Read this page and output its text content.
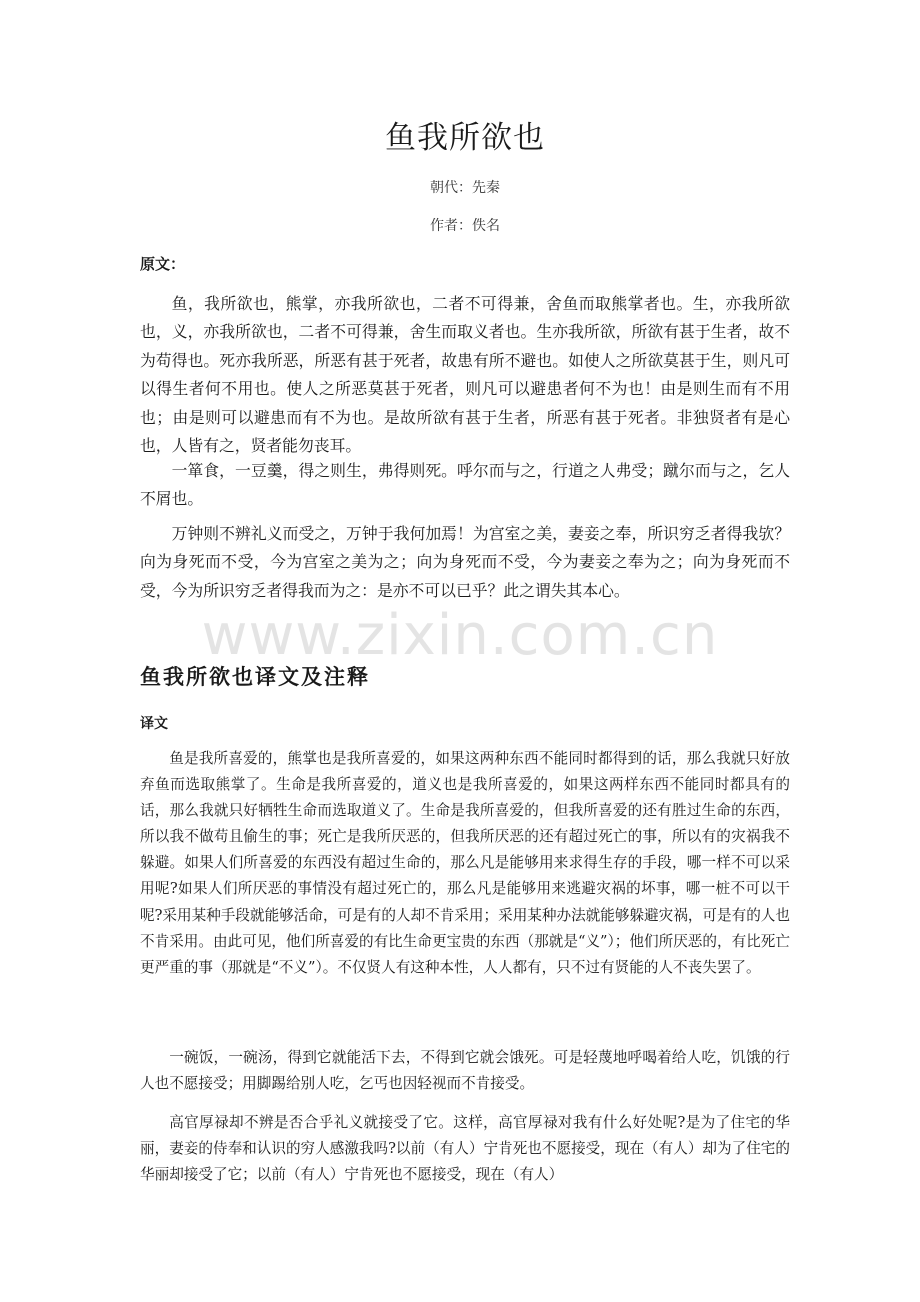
www.zixin.com.cn
鱼我所欲也
朝代：先秦
作者：佚名
原文：

鱼，我所欲也，熊掌，亦我所欲也，二者不可得兼，舍鱼而取熊掌者也。生，亦我所欲也，义，亦我所欲也，二者不可得兼，舍生而取义者也。生亦我所欲，所欲有甚于生者，故不为苟得也。死亦我所恶，所恶有甚于死者，故患有所不避也。如使人之所欲莫甚于生，则凡可以得生者何不用也。使人之所恶莫甚于死者，则凡可以避患者何不为也！由是则生而有不用也；由是则可以避患而有不为也。是故所欲有甚于生者，所恶有甚于死者。非独贤者有是心也，人皆有之，贤者能勿丧耳。

一箪食，一豆羹，得之则生，弗得则死。呼尔而与之，行道之人弗受；蹴尔而与之，乞人不屑也。

万钟则不辨礼义而受之，万钟于我何加焉！为宫室之美，妻妾之奉，所识穷乏者得我欤？向为身死而不受，今为宫室之美为之；向为身死而不受，今为妻妾之奉为之；向为身死而不受，今为所识穷乏者得我而为之：是亦不可以已乎？此之谓失其本心。

鱼我所欲也译文及注释
译文

鱼是我所喜爱的，熊掌也是我所喜爱的，如果这两种东西不能同时都得到的话，那么我就只好放弃鱼而选取熊掌了。生命是我所喜爱的，道义也是我所喜爱的，如果这两样东西不能同时都具有的话，那么我就只好牺牲生命而选取道义了。生命是我所喜爱的，但我所喜爱的还有胜过生命的东西，所以我不做苟且偷生的事；死亡是我所厌恶的，但我所厌恶的还有超过死亡的事，所以有的灾祸我不躲避。如果人们所喜爱的东西没有超过生命的，那么凡是能够用来求得生存的手段，哪一样不可以采用呢?如果人们所厌恶的事情没有超过死亡的，那么凡是能够用来逃避灾祸的坏事，哪一桩不可以干呢?采用某种手段就能够活命，可是有的人却不肯采用；采用某种办法就能够躲避灾祸，可是有的人也不肯采用。由此可见，他们所喜爱的有比生命更宝贵的东西（那就是“义”）；他们所厌恶的，有比死亡更严重的事（那就是“不义”）。不仅贤人有这种本性，人人都有，只不过有贤能的人不丧失罢了。

一碗饭，一碗汤，得到它就能活下去，不得到它就会饿死。可是轻蔑地呼喝着给人吃，饥饿的行人也不愿接受；用脚踢给别人吃，乞丐也因轻视而不肯接受。

高官厚禄却不辨是否合乎礼义就接受了它。这样，高官厚禄对我有什么好处呢?是为了住宅的华丽，妻妾的侍奉和认识的穷人感激我吗?以前（有人）宁肯死也不愿接受，现在（有人）却为了住宅的华丽却接受了它；以前（有人）宁肯死也不愿接受，现在（有人）
